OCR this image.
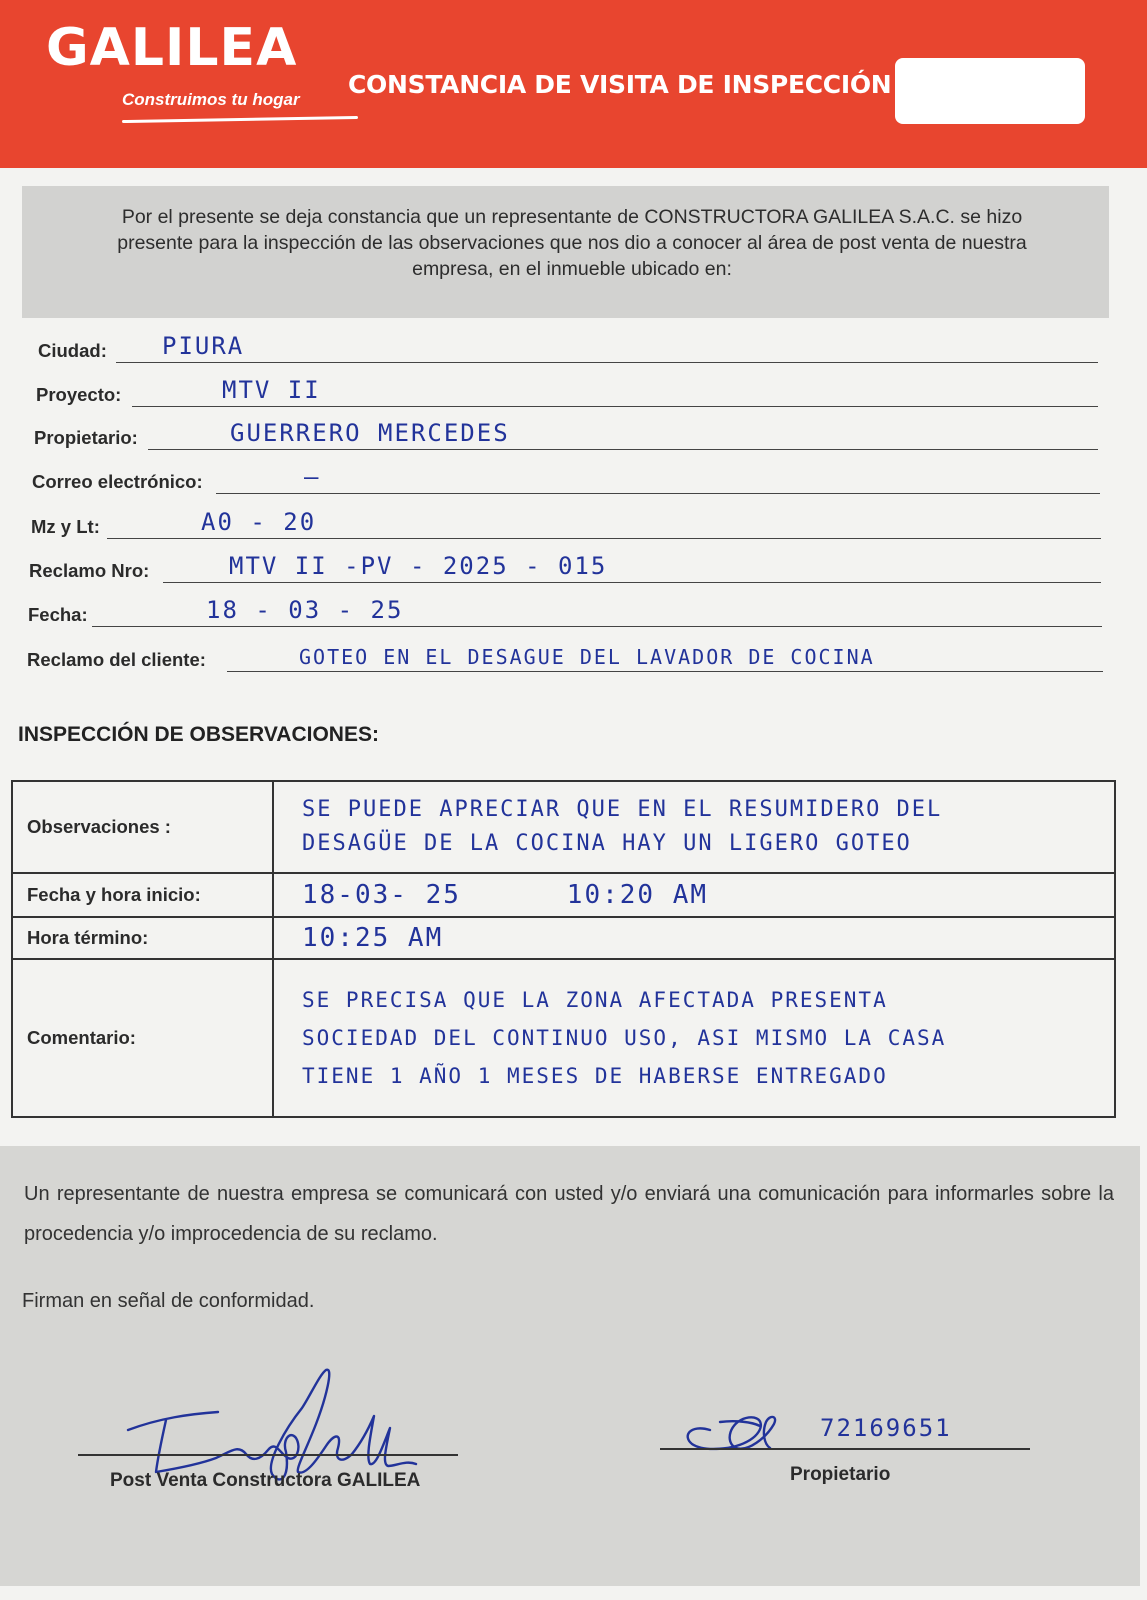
GALILEA
Construimos tu hogar
CONSTANCIA DE VISITA DE INSPECCIÓN
Por el presente se deja constancia que un representante de CONSTRUCTORA GALILEA S.A.C. se hizo presente para la inspección de las observaciones que nos dio a conocer al área de post venta de nuestra empresa, en el inmueble ubicado en:
Ciudad: PIURA
Proyecto:	MTV II
Propietario:	GUERRERO MERCEDES
Correo electrónico:	—
Mz y Lt:	A0 - 20
Reclamo Nro:	MTV II -PV - 2025 - 015
Fecha:	18 - 03 - 25
Reclamo del cliente:	GOTEO EN EL DESAGUE DEL LAVADOR DE COCINA
INSPECCIÓN DE OBSERVACIONES:
Observaciones :	SE PUEDE APRECIAR QUE EN EL RESUMIDERO DEL
DESAGÜE DE LA COCINA HAY UN LIGERO GOTEO

Fecha y hora inicio:	18-03- 25      10:20 AM
Hora término:	10:25 AM
Comentario:	SE PRECISA QUE LA ZONA AFECTADA PRESENTA
SOCIEDAD DEL CONTINUO USO, ASI MISMO LA CASA
TIENE 1 AÑO 1 MESES DE HABERSE ENTREGADO
Un representante de nuestra empresa se comunicará con usted y/o enviará una comunicación para informarles sobre la procedencia y/o improcedencia de su reclamo.
Firman en señal de conformidad.
Post Venta Constructora GALILEA
72169651
Propietario
